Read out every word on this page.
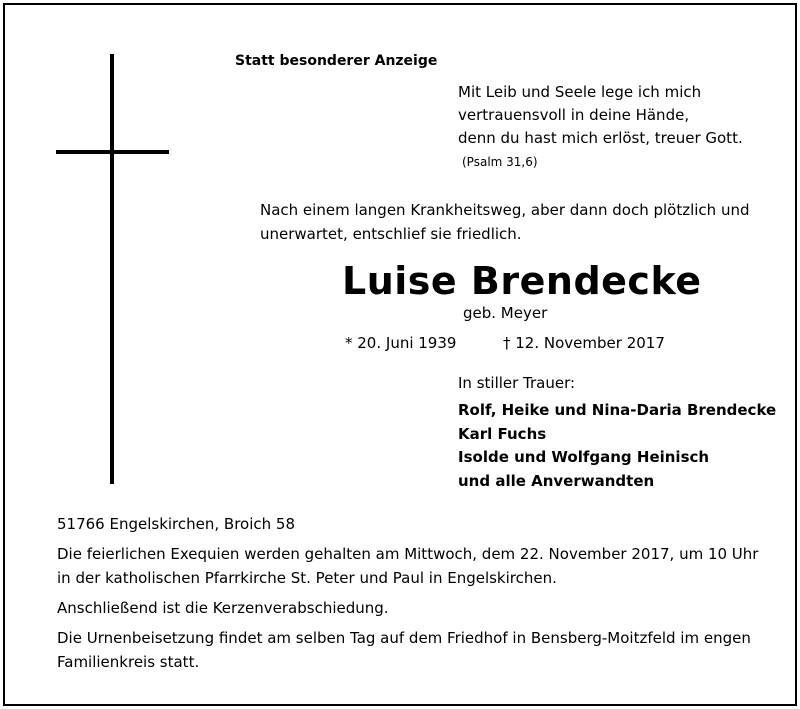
Statt besonderer Anzeige
Mit Leib und Seele lege ich mich
vertrauensvoll in deine Hände,
denn du hast mich erlöst, treuer Gott.
(Psalm 31,6)
Nach einem langen Krankheitsweg, aber dann doch plötzlich und
unerwartet, entschlief sie friedlich.
Luise Brendecke
geb. Meyer
* 20. Juni 1939	† 12. November 2017
In stiller Trauer:
Rolf, Heike und Nina-Daria Brendecke
Karl Fuchs
Isolde und Wolfgang Heinisch
und alle Anverwandten

51766 Engelskirchen, Broich 58

Die feierlichen Exequien werden gehalten am Mittwoch, dem 22. November 2017, um 10 Uhr
in der katholischen Pfarrkirche St. Peter und Paul in Engelskirchen.

Anschließend ist die Kerzenverabschiedung.

Die Urnenbeisetzung findet am selben Tag auf dem Friedhof in Bensberg-Moitzfeld im engen
Familienkreis statt.
